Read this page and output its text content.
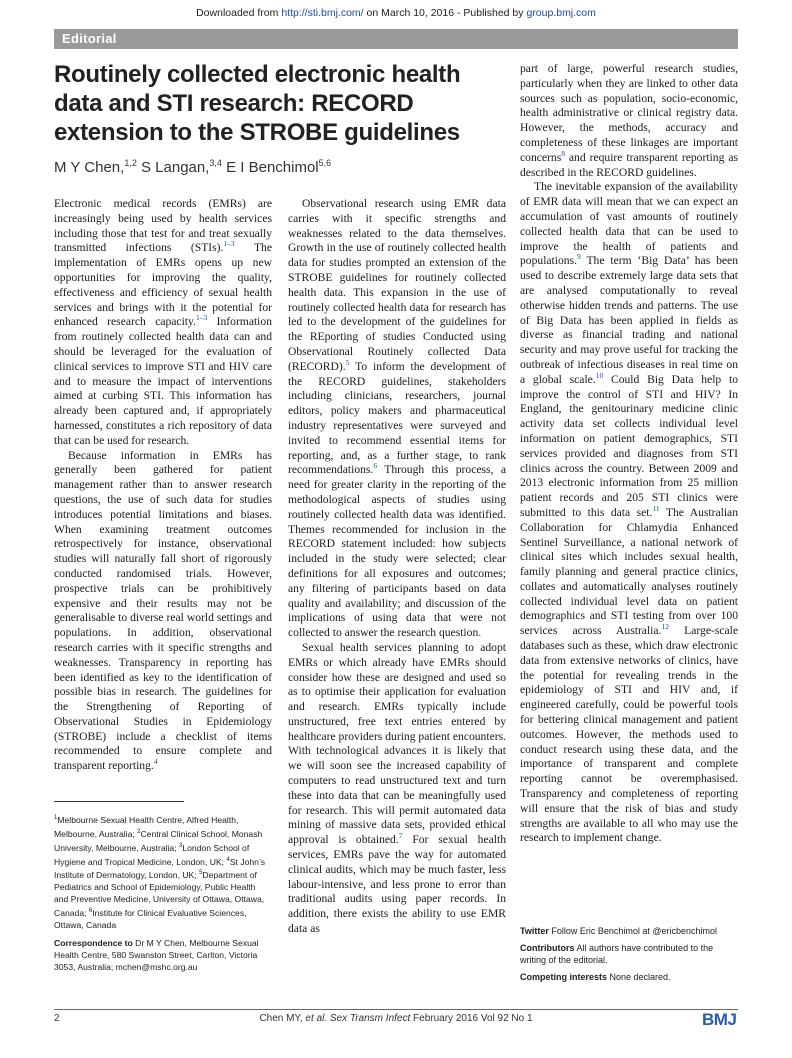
Downloaded from http://sti.bmj.com/ on March 10, 2016 - Published by group.bmj.com
Editorial
Routinely collected electronic health data and STI research: RECORD extension to the STROBE guidelines
M Y Chen,$^{1,2}$ S Langan,$^{3,4}$ E I Benchimol$^{5,6}$

Electronic medical records (EMRs) are increasingly being used by health services including those that test for and treat sexually transmitted infections (STIs).$^{1-3}$ The implementation of EMRs opens up new opportunities for improving the quality, effectiveness and efficiency of sexual health services and brings with it the potential for enhanced research capacity.$^{1-3}$ Information from routinely collected health data can and should be leveraged for the evaluation of clinical services to improve STI and HIV care and to measure the impact of interventions aimed at curbing STI. This information has already been captured and, if appropriately harnessed, constitutes a rich repository of data that can be used for research.

Because information in EMRs has generally been gathered for patient management rather than to answer research questions, the use of such data for studies introduces potential limitations and biases. When examining treatment outcomes retrospectively for instance, observational studies will naturally fall short of rigorously conducted randomised trials. However, prospective trials can be prohibitively expensive and their results may not be generalisable to diverse real world settings and populations. In addition, observational research carries with it specific strengths and weaknesses. Transparency in reporting has been identified as key to the identification of possible bias in research. The guidelines for the Strengthening of Reporting of Observational Studies in Epidemiology (STROBE) include a checklist of items recommended to ensure complete and transparent reporting.$^4$

Observational research using EMR data carries with it specific strengths and weaknesses related to the data themselves. Growth in the use of routinely collected health data for studies prompted an extension of the STROBE guidelines for routinely collected health data. This expansion in the use of routinely collected health data for research has led to the development of the guidelines for the REporting of studies Conducted using Observational Routinely collected Data (RECORD).$^5$ To inform the development of the RECORD guidelines, stakeholders including clinicians, researchers, journal editors, policy makers and pharmaceutical industry representatives were surveyed and invited to recommend essential items for reporting, and, as a further stage, to rank recommendations.$^6$ Through this process, a need for greater clarity in the reporting of the methodological aspects of studies using routinely collected health data was identified. Themes recommended for inclusion in the RECORD statement included: how subjects included in the study were selected; clear definitions for all exposures and outcomes; any filtering of participants based on data quality and availability; and discussion of the implications of using data that were not collected to answer the research question.

Sexual health services planning to adopt EMRs or which already have EMRs should consider how these are designed and used so as to optimise their application for evaluation and research. EMRs typically include unstructured, free text entries entered by healthcare providers during patient encounters. With technological advances it is likely that we will soon see the increased capability of computers to read unstructured text and turn these into data that can be meaningfully used for research. This will permit automated data mining of massive data sets, provided ethical approval is obtained.$^7$ For sexual health services, EMRs pave the way for automated clinical audits, which may be much faster, less labour-intensive, and less prone to error than traditional audits using paper records. In addition, there exists the ability to use EMR data as

part of large, powerful research studies, particularly when they are linked to other data sources such as population, socio-economic, health administrative or clinical registry data. However, the methods, accuracy and completeness of these linkages are important concerns$^8$ and require transparent reporting as described in the RECORD guidelines.

The inevitable expansion of the availability of EMR data will mean that we can expect an accumulation of vast amounts of routinely collected health data that can be used to improve the health of patients and populations.$^9$ The term ‘Big Data’ has been used to describe extremely large data sets that are analysed computationally to reveal otherwise hidden trends and patterns. The use of Big Data has been applied in fields as diverse as financial trading and national security and may prove useful for tracking the outbreak of infectious diseases in real time on a global scale.$^{10}$ Could Big Data help to improve the control of STI and HIV? In England, the genitourinary medicine clinic activity data set collects individual level information on patient demographics, STI services provided and diagnoses from STI clinics across the country. Between 2009 and 2013 electronic information from 25 million patient records and 205 STI clinics were submitted to this data set.$^{11}$ The Australian Collaboration for Chlamydia Enhanced Sentinel Surveillance, a national network of clinical sites which includes sexual health, family planning and general practice clinics, collates and automatically analyses routinely collected individual level data on patient demographics and STI testing from over 100 services across Australia.$^{12}$ Large-scale databases such as these, which draw electronic data from extensive networks of clinics, have the potential for revealing trends in the epidemiology of STI and HIV and, if engineered carefully, could be powerful tools for bettering clinical management and patient outcomes. However, the methods used to conduct research using these data, and the importance of transparent and complete reporting cannot be overemphasised. Transparency and completeness of reporting will ensure that the risk of bias and study strengths are available to all who may use the research to implement change.

$^1$Melbourne Sexual Health Centre, Alfred Health, Melbourne, Australia; $^2$Central Clinical School, Monash University, Melbourne, Australia; $^3$London School of Hygiene and Tropical Medicine, London, UK; $^4$St John’s Institute of Dermatology, London, UK; $^5$Department of Pediatrics and School of Epidemiology, Public Health and Preventive Medicine, University of Ottawa, Ottawa, Canada; $^6$Institute for Clinical Evaluative Sciences, Ottawa, Canada
Correspondence to Dr M Y Chen, Melbourne Sexual Health Centre, 580 Swanston Street, Carlton, Victoria 3053, Australia; mchen@mshc.org.au
Twitter Follow Eric Benchimol at @ericbenchimol
Contributors All authors have contributed to the writing of the editorial.
Competing interests None declared.
2	Chen MY, et al. Sex Transm Infect February 2016 Vol 92 No 1	BMJ
